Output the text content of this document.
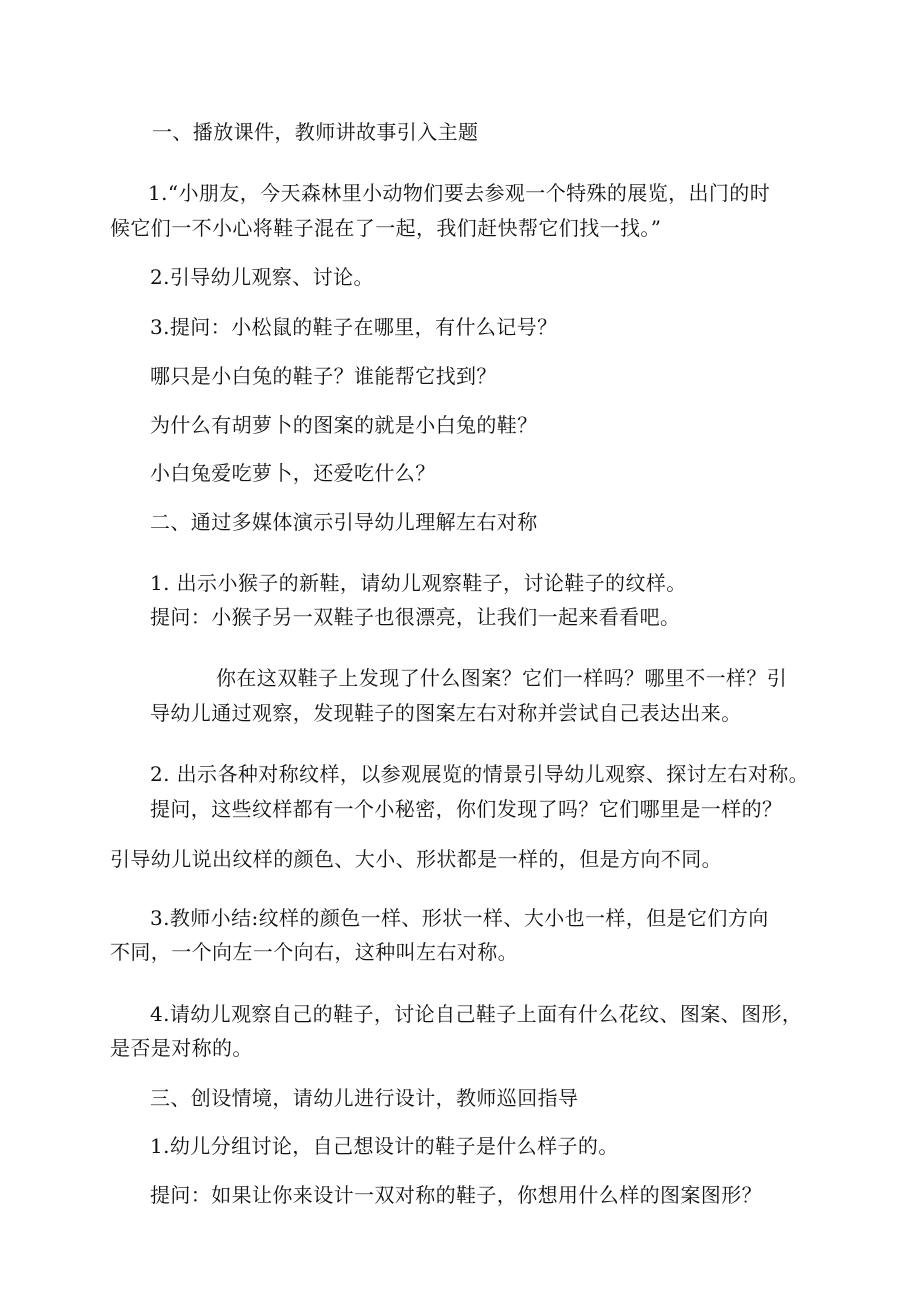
一、播放课件，教师讲故事引入主题
1.“小朋友，今天森林里小动物们要去参观一个特殊的展览，出门的时
候它们一不小心将鞋子混在了一起，我们赶快帮它们找一找。”
2.引导幼儿观察、讨论。
3.提问：小松鼠的鞋子在哪里，有什么记号？
哪只是小白兔的鞋子？谁能帮它找到？
为什么有胡萝卜的图案的就是小白兔的鞋？
小白兔爱吃萝卜，还爱吃什么？
二、通过多媒体演示引导幼儿理解左右对称
1. 出示小猴子的新鞋，请幼儿观察鞋子，讨论鞋子的纹样。
提问：小猴子另一双鞋子也很漂亮，让我们一起来看看吧。
你在这双鞋子上发现了什么图案？它们一样吗？哪里不一样？引
导幼儿通过观察，发现鞋子的图案左右对称并尝试自己表达出来。
2. 出示各种对称纹样，以参观展览的情景引导幼儿观察、探讨左右对称。
提问，这些纹样都有一个小秘密，你们发现了吗？它们哪里是一样的？
引导幼儿说出纹样的颜色、大小、形状都是一样的，但是方向不同。
3.教师小结:纹样的颜色一样、形状一样、大小也一样，但是它们方向
不同，一个向左一个向右，这种叫左右对称。
4.请幼儿观察自己的鞋子，讨论自己鞋子上面有什么花纹、图案、图形，
是否是对称的。
三、创设情境，请幼儿进行设计，教师巡回指导
1.幼儿分组讨论，自己想设计的鞋子是什么样子的。
提问：如果让你来设计一双对称的鞋子，你想用什么样的图案图形？
